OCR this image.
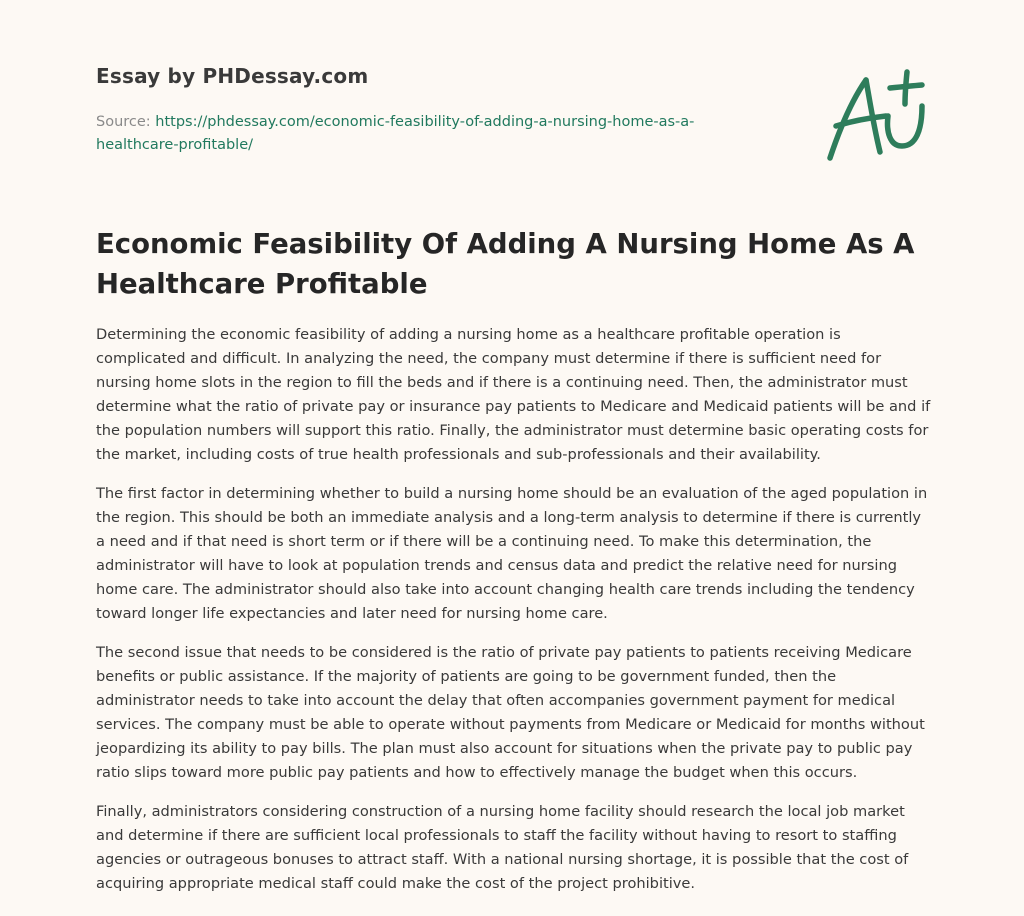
Essay by PHDessay.com
Source: https://phdessay.com/economic-feasibility-of-adding-a-nursing-home-as-a-healthcare-profitable/
Economic Feasibility Of Adding A Nursing Home As A Healthcare Profitable

Determining the economic feasibility of adding a nursing home as a healthcare profitable operation is complicated and difficult. In analyzing the need, the company must determine if there is sufficient need for nursing home slots in the region to fill the beds and if there is a continuing need. Then, the administrator must determine what the ratio of private pay or insurance pay patients to Medicare and Medicaid patients will be and if the population numbers will support this ratio. Finally, the administrator must determine basic operating costs for the market, including costs of true health professionals and sub-professionals and their availability.

The first factor in determining whether to build a nursing home should be an evaluation of the aged population in the region. This should be both an immediate analysis and a long-term analysis to determine if there is currently a need and if that need is short term or if there will be a continuing need. To make this determination, the administrator will have to look at population trends and census data and predict the relative need for nursing home care. The administrator should also take into account changing health care trends including the tendency toward longer life expectancies and later need for nursing home care.

The second issue that needs to be considered is the ratio of private pay patients to patients receiving Medicare benefits or public assistance. If the majority of patients are going to be government funded, then the administrator needs to take into account the delay that often accompanies government payment for medical services. The company must be able to operate without payments from Medicare or Medicaid for months without jeopardizing its ability to pay bills. The plan must also account for situations when the private pay to public pay ratio slips toward more public pay patients and how to effectively manage the budget when this occurs.

Finally, administrators considering construction of a nursing home facility should research the local job market and determine if there are sufficient local professionals to staff the facility without having to resort to staffing agencies or outrageous bonuses to attract staff. With a national nursing shortage, it is possible that the cost of acquiring appropriate medical staff could make the cost of the project prohibitive.
